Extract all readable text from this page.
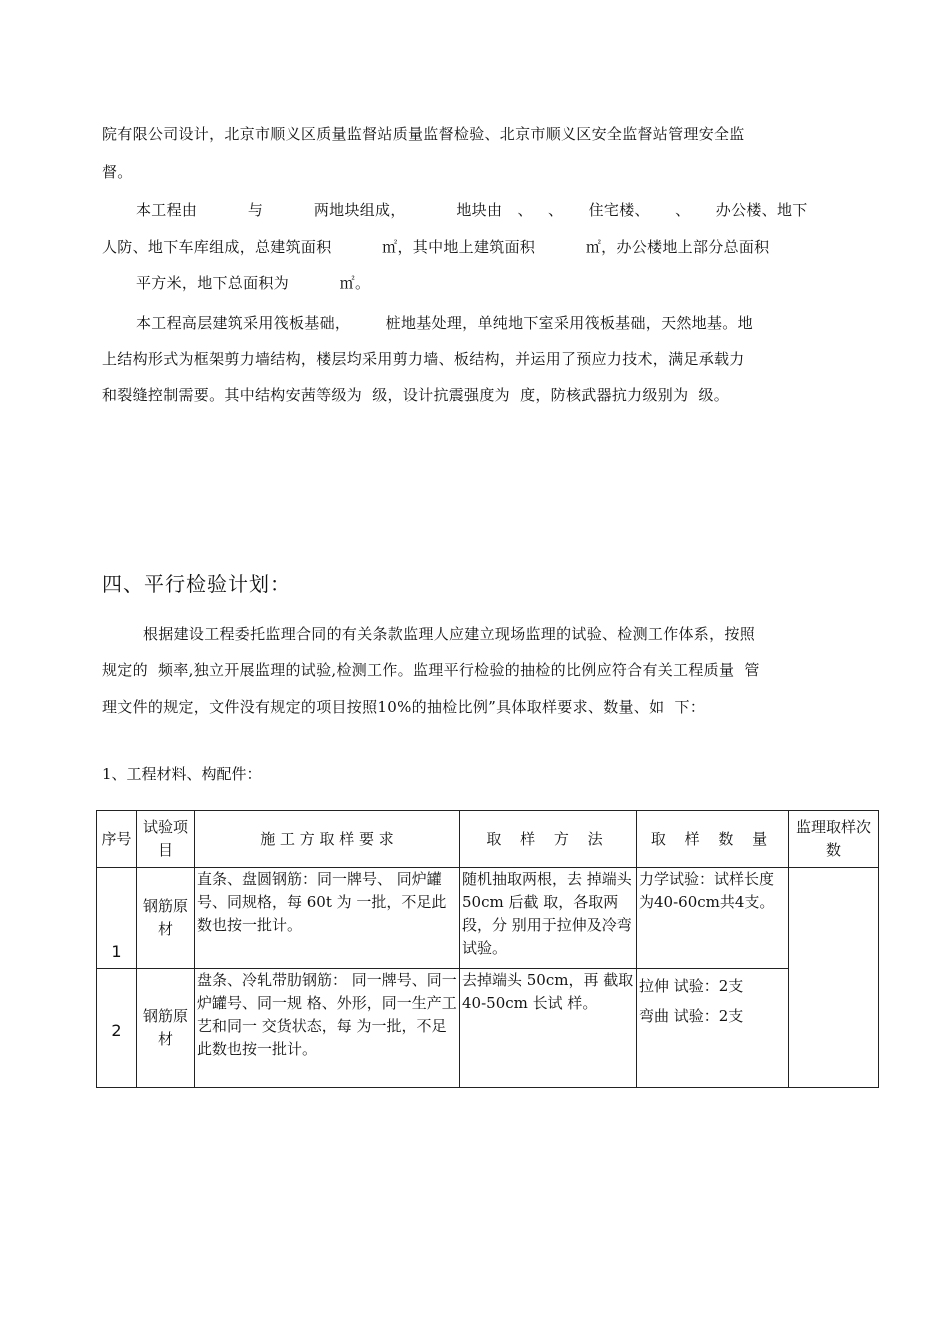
院有限公司设计，北京市顺义区质量监督站质量监督检验、北京市顺义区安全监督站管理安全监
督。
本工程由          与          两地块组成，          地块由   、   、     住宅楼、     、     办公楼、地下
人防、地下车库组成，总建筑面积          ㎡，其中地上建筑面积          ㎡，办公楼地上部分总面积
平方米，地下总面积为          ㎡。
本工程高层建筑采用筏板基础，       桩地基处理，单纯地下室采用筏板基础，天然地基。地
上结构形式为框架剪力墙结构，楼层均采用剪力墙、板结构，并运用了预应力技术，满足承载力
和裂缝控制需要。其中结构安茜等级为  级，设计抗震强度为  度，防核武器抗力级别为  级。
四、平行检验计划：
根据建设工程委托监理合同的有关条款监理人应建立现场监理的试验、检测工作体系，按照
规定的  频率,独立开展监理的试验,检测工作。监理平行检验的抽检的比例应符合有关工程质量  管
理文件的规定，文件没有规定的项目按照10%的抽检比例”具体取样要求、数量、如  下：
1、工程材料、构配件：
序号	试验项目	施 工 方 取 样 要 求	取 样 方 法	取 样 数 量	监理取样次数

1	钢筋原材	直条、盘圆钢筋：同一牌号、 同炉罐号、同规格，每 60t 为 一批，不足此数也按一批计。	随机抽取两根，去 掉端头 50cm 后截 取，各取两段，分 别用于拉伸及冷弯 试验。	力学试验：试样长度为40-60cm共4支。	

2	钢筋原材	盘条、冷轧带肋钢筋： 同一牌号、同一炉罐号、同一规 格、外形，同一生产工艺和同一 交货状态，每 为一批，不足 此数也按一批计。	去掉端头 50cm，再 截取 40-50cm 长试 样。	拉伸 试验：2支
弯曲 试验：2支	
